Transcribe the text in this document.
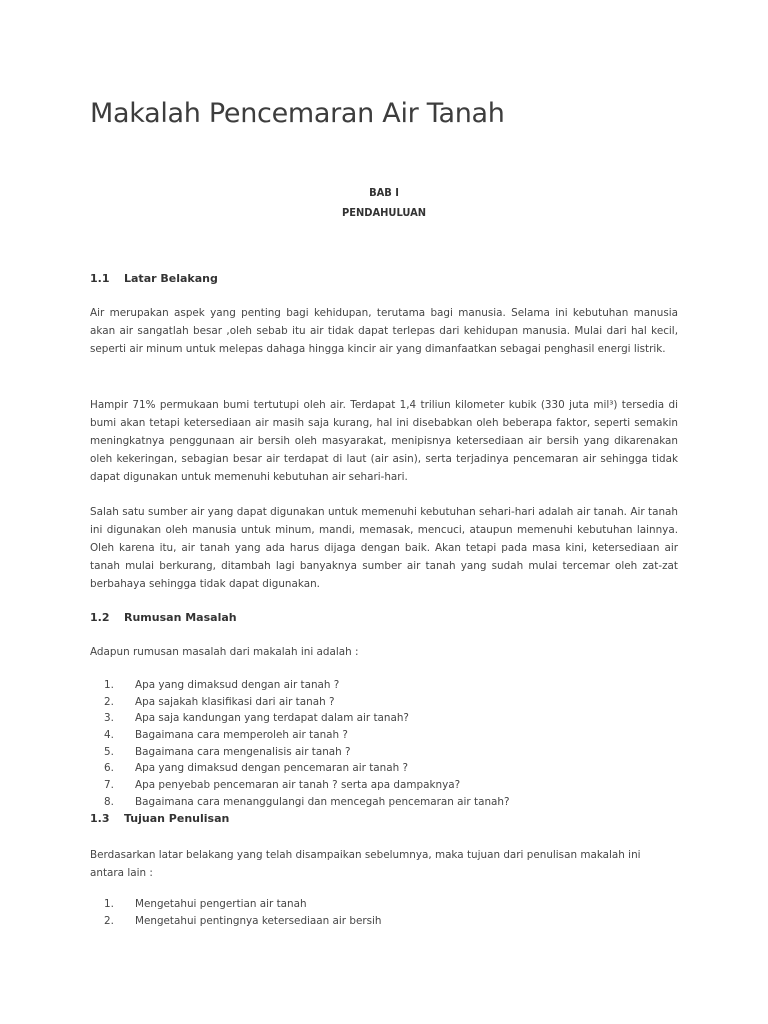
Makalah Pencemaran Air Tanah

BAB I

PENDAHULUAN

1.1 Latar Belakang

Air merupakan aspek yang penting bagi kehidupan, terutama bagi manusia. Selama ini kebutuhan manusia akan air sangatlah besar ,oleh sebab itu air tidak dapat terlepas dari kehidupan manusia. Mulai dari hal kecil, seperti air minum untuk melepas dahaga hingga kincir air yang dimanfaatkan sebagai penghasil energi listrik.

Hampir 71% permukaan bumi tertutupi oleh air. Terdapat 1,4 triliun kilometer kubik (330 juta mil³) tersedia di bumi akan tetapi ketersediaan air masih saja kurang, hal ini disebabkan oleh beberapa faktor, seperti semakin meningkatnya penggunaan air bersih oleh masyarakat, menipisnya ketersediaan air bersih yang dikarenakan oleh kekeringan, sebagian besar air terdapat di laut (air asin), serta terjadinya pencemaran air sehingga tidak dapat digunakan untuk memenuhi kebutuhan air sehari-hari.

Salah satu sumber air yang dapat digunakan untuk memenuhi kebutuhan sehari-hari adalah air tanah. Air tanah ini digunakan oleh manusia untuk minum, mandi, memasak, mencuci, ataupun memenuhi kebutuhan lainnya. Oleh karena itu, air tanah yang ada harus dijaga dengan baik. Akan tetapi pada masa kini, ketersediaan air tanah mulai berkurang, ditambah lagi banyaknya sumber air tanah yang sudah mulai tercemar oleh zat-zat berbahaya sehingga tidak dapat digunakan.

1.2 Rumusan Masalah

Adapun rumusan masalah dari makalah ini adalah :

1. Apa yang dimaksud dengan air tanah ?
2. Apa sajakah klasifikasi dari air tanah ?
3. Apa saja kandungan yang terdapat dalam air tanah?
4. Bagaimana cara memperoleh air tanah ?
5. Bagaimana cara mengenalisis air tanah ?
6. Apa yang dimaksud dengan pencemaran air tanah ?
7. Apa penyebab pencemaran air tanah ? serta apa dampaknya?
8. Bagaimana cara menanggulangi dan mencegah pencemaran air tanah?
1.3 Tujuan Penulisan

Berdasarkan latar belakang yang telah disampaikan sebelumnya, maka tujuan dari penulisan makalah ini antara lain :

1. Mengetahui pengertian air tanah
2. Mengetahui pentingnya ketersediaan air bersih
